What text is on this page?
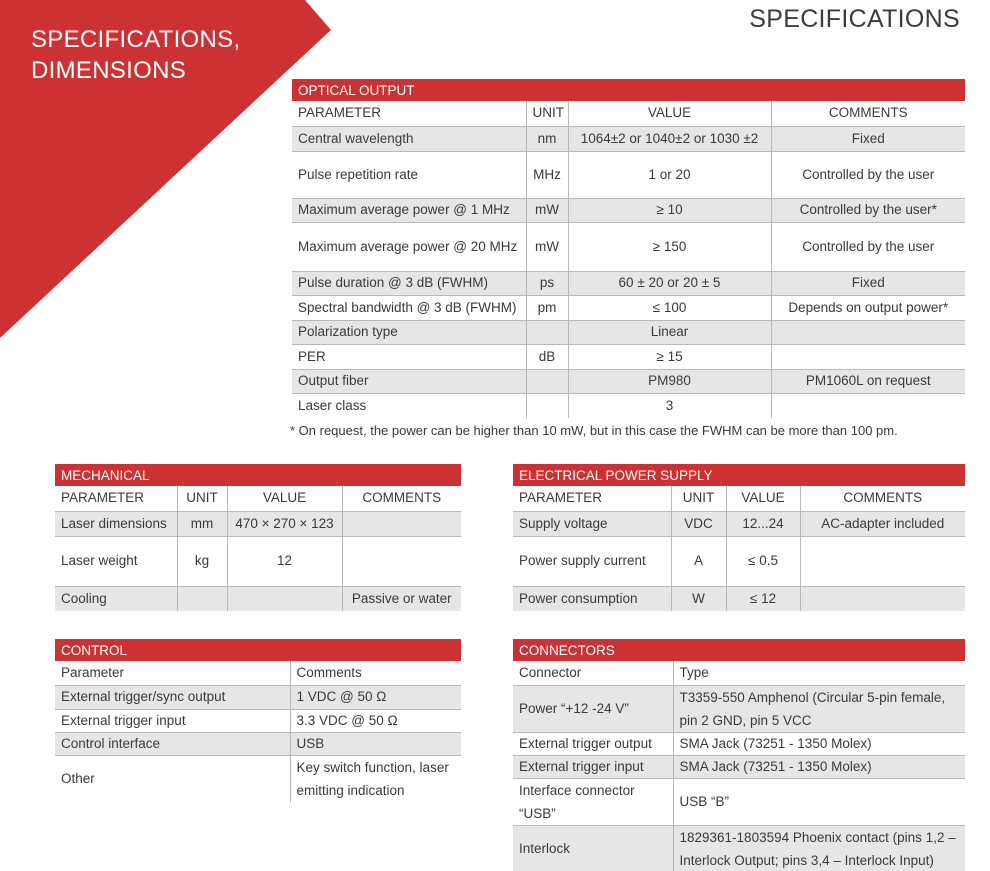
SPECIFICATIONS,
DIMENSIONS
SPECIFICATIONS
OPTICAL OUTPUT
PARAMETER	UNIT	VALUE	COMMENTS
Central wavelength	nm	1064±2 or 1040±2 or 1030 ±2	Fixed
Pulse repetition rate	MHz	1 or 20	Controlled by the user
Maximum average power @ 1 MHz	mW	≥ 10	Controlled by the user*
Maximum average power @ 20 MHz	mW	≥ 150	Controlled by the user
Pulse duration @ 3 dB (FWHM)	ps	60 ± 20 or 20 ± 5	Fixed
Spectral bandwidth @ 3 dB (FWHM)	pm	≤ 100	Depends on output power*
Polarization type		Linear	
PER	dB	≥ 15	
Output fiber		PM980	PM1060L on request
Laser class		3	
* On request, the power can be higher than 10 mW, but in this case the FWHM can be more than 100 pm.
MECHANICAL
PARAMETER	UNIT	VALUE	COMMENTS
Laser dimensions	mm	470 × 270 × 123	
Laser weight	kg	12	
Cooling			Passive or water
ELECTRICAL POWER SUPPLY
PARAMETER	UNIT	VALUE	COMMENTS
Supply voltage	VDC	12...24	AC-adapter included
Power supply current	A	≤ 0.5	
Power consumption	W	≤ 12	
CONTROL
Parameter	Comments
External trigger/sync output	1 VDC @ 50 Ω
External trigger input	3.3 VDC @ 50 Ω
Control interface	USB
Other	Key switch function, laser emitting indication
CONNECTORS
Connector	Type
Power “+12 -24 V”	T3359-550 Amphenol (Circular 5-pin female, pin 2 GND, pin 5 VCC
External trigger output	SMA Jack (73251 - 1350 Molex)
External trigger input	SMA Jack (73251 - 1350 Molex)
Interface connector “USB”	USB “B”
Interlock	1829361-1803594 Phoenix contact (pins 1,2 – Interlock Output; pins 3,4 – Interlock Input)
